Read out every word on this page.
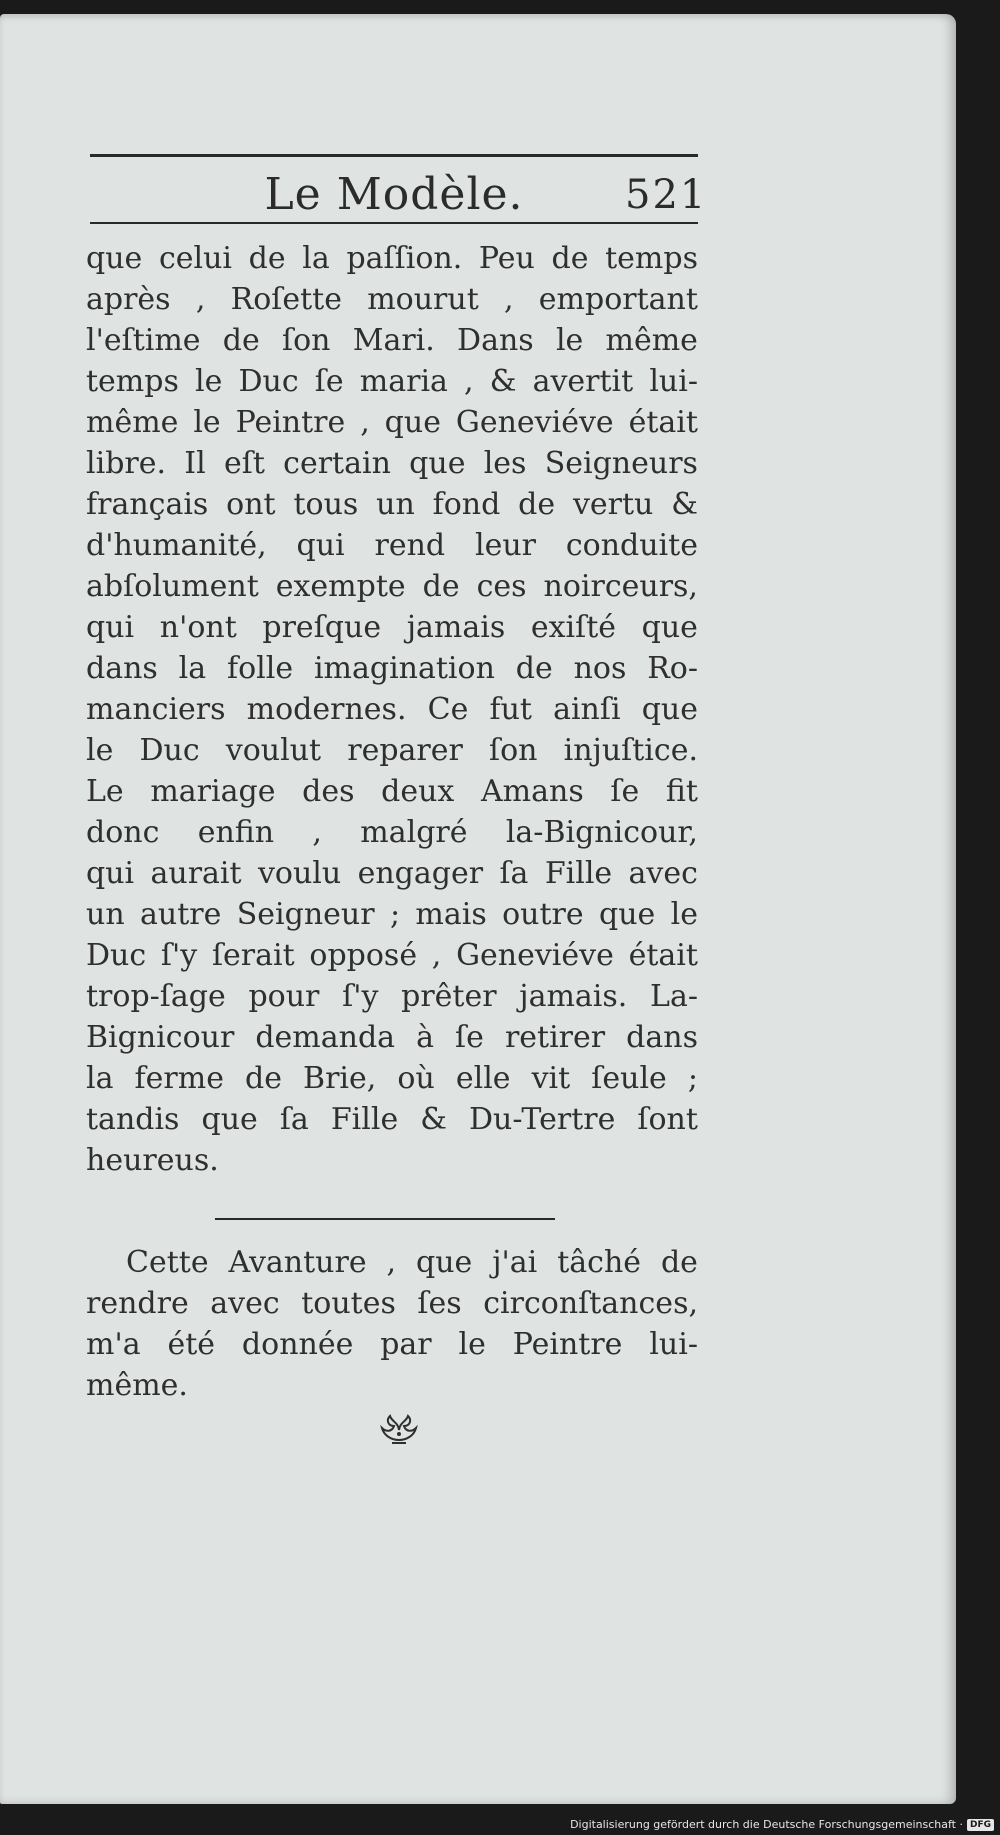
Le Modèle.	521
que celui de la paſſion. Peu de temps
après , Roſette mourut , emportant
l'eſtime de ſon Mari. Dans le même
temps le Duc ſe maria , & avertit lui-
même le Peintre , que Geneviéve était
libre. Il eſt certain que les Seigneurs
français ont tous un fond de vertu &
d'humanité, qui rend leur conduite
abſolument exempte de ces noirceurs,
qui n'ont preſque jamais exiſté que
dans la folle imagination de nos Ro-
manciers modernes. Ce fut ainſi que
le Duc voulut reparer ſon injuſtice.
Le mariage des deux Amans ſe fit
donc enfin , malgré la-Bignicour,
qui aurait voulu engager ſa Fille avec
un autre Seigneur ; mais outre que le
Duc ſ'y ſerait opposé , Geneviéve était
trop-ſage pour ſ'y prêter jamais. La-
Bignicour demanda à ſe retirer dans
la ferme de Brie, où elle vit ſeule ;
tandis que ſa Fille & Du-Tertre ſont
heureus.
Cette Avanture , que j'ai tâché de
rendre avec toutes ſes circonſtances,
m'a été donnée par le Peintre lui-
même.
Digitalisierung gefördert durch die Deutsche Forschungsgemeinschaft · DFG
